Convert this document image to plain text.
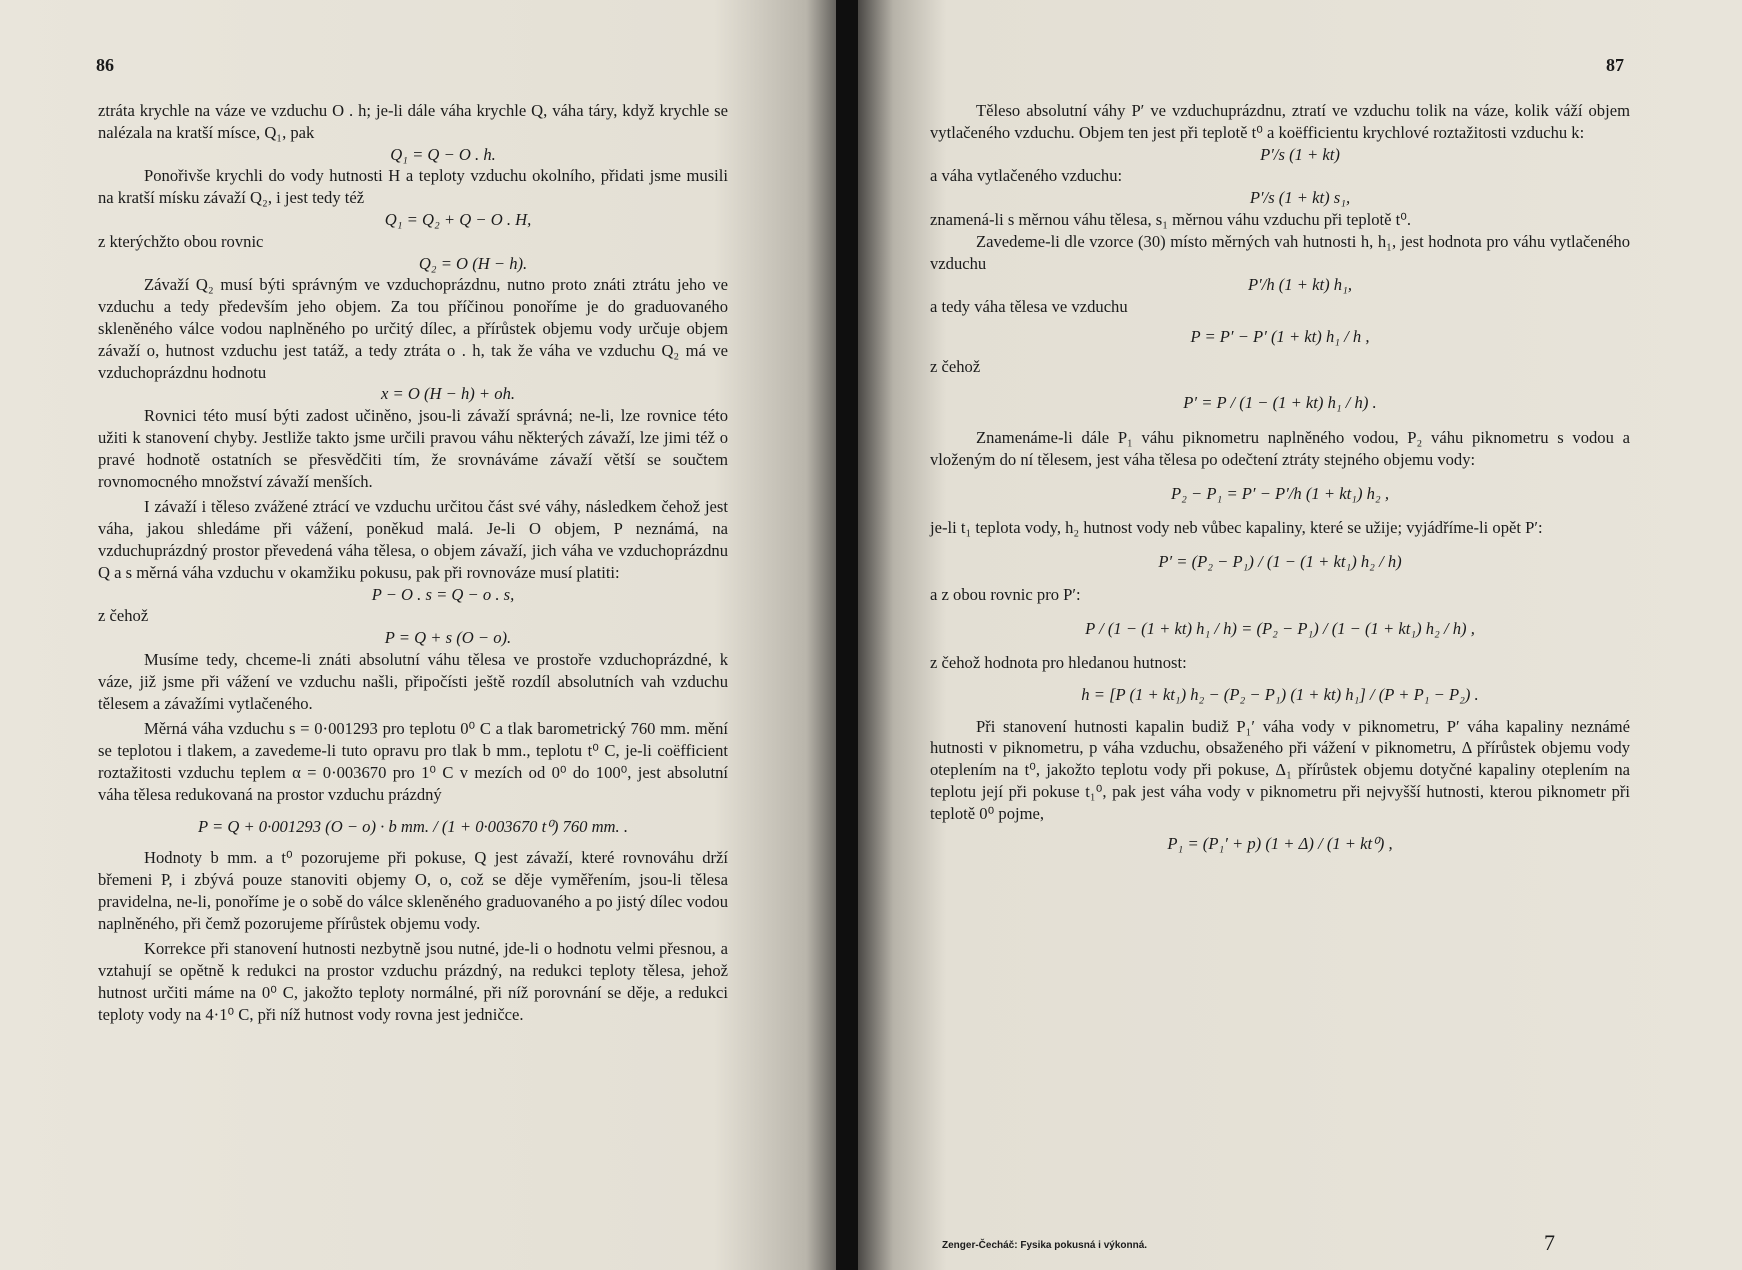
86

ztráta krychle na váze ve vzduchu O . h; je-li dále váha krychle Q, váha táry, když krychle se nalézala na kratší mísce, Q₁, pak

Q₁ = Q − O . h.

Ponořivše krychli do vody hutnosti H a teploty vzduchu okolního, přidati jsme musili na kratší mísku závaží Q₂, i jest tedy též

Q₁ = Q₂ + Q − O . H,

z kterýchžto obou rovnic

Q₂ = O (H − h).

Závaží Q₂ musí býti správným ve vzduchoprázdnu, nutno proto znáti ztrátu jeho ve vzduchu a tedy především jeho objem. Za tou příčinou ponoříme je do graduovaného skleněného válce vodou naplněného po určitý dílec, a přírůstek objemu vody určuje objem závaží o, hutnost vzduchu jest tatáž, a tedy ztráta o . h, tak že váha ve vzduchu Q₂ má ve vzduchoprázdnu hodnotu

x = O (H − h) + oh.

Rovnici této musí býti zadost učiněno, jsou-li závaží správná; ne-li, lze rovnice této užiti k stanovení chyby. Jestliže takto jsme určili pravou váhu některých závaží, lze jimi též o pravé hodnotě ostatních se přesvědčiti tím, že srovnáváme závaží větší se součtem rovnomocného množství závaží menších.

I závaží i těleso zvážené ztrácí ve vzduchu určitou část své váhy, následkem čehož jest váha, jakou shledáme při vážení, poněkud malá. Je-li O objem, P neznámá, na vzduchuprázdný prostor převedená váha tělesa, o objem závaží, jich váha ve vzduchoprázdnu Q a s měrná váha vzduchu v okamžiku pokusu, pak při rovnováze musí platiti:

P − O . s = Q − o . s,

z čehož

P = Q + s (O − o).

Musíme tedy, chceme-li znáti absolutní váhu tělesa ve prostoře vzduchoprázdné, k váze, již jsme při vážení ve vzduchu našli, připočísti ještě rozdíl absolutních vah vzduchu tělesem a závažími vytlačeného.

Měrná váha vzduchu s = 0·001293 pro teplotu 0⁰ C a tlak barometrický 760 mm. mění se teplotou i tlakem, a zavedeme-li tuto opravu pro tlak b mm., teplotu t⁰ C, je-li coëfficient roztažitosti vzduchu teplem α = 0·003670 pro 1⁰ C v mezích od 0⁰ do 100⁰, jest absolutní váha tělesa redukovaná na prostor vzduchu prázdný

P = Q + 0·001293 (O − o) · b mm. / (1 + 0·003670 t⁰) 760 mm. .

Hodnoty b mm. a t⁰ pozorujeme při pokuse, Q jest závaží, které rovnováhu drží břemeni P, i zbývá pouze stanoviti objemy O, o, což se děje vyměřením, jsou-li tělesa pravidelna, ne-li, ponoříme je o sobě do válce skleněného graduovaného a po jistý dílec vodou naplněného, při čemž pozorujeme přírůstek objemu vody.

Korrekce při stanovení hutnosti nezbytně jsou nutné, jde-li o hodnotu velmi přesnou, a vztahují se opětně k redukci na prostor vzduchu prázdný, na redukci teploty tělesa, jehož hutnost určiti máme na 0⁰ C, jakožto teploty normálné, při níž porovnání se děje, a redukci teploty vody na 4·1⁰ C, při níž hutnost vody rovna jest jedničce.

87

Těleso absolutní váhy P′ ve vzduchuprázdnu, ztratí ve vzduchu tolik na váze, kolik váží objem vytlačeného vzduchu. Objem ten jest při teplotě t⁰ a koëfficientu krychlové roztažitosti vzduchu k:

P′/s (1 + kt)

a váha vytlačeného vzduchu:

P′/s (1 + kt) s₁,

znamená-li s měrnou váhu tělesa, s₁ měrnou váhu vzduchu při teplotě t⁰.

Zavedeme-li dle vzorce (30) místo měrných vah hutnosti h, h₁, jest hodnota pro váhu vytlačeného vzduchu

P′/h (1 + kt) h₁,

a tedy váha tělesa ve vzduchu

P = P′ − P′ (1 + kt) h₁ / h ,

z čehož

P′ = P / (1 − (1 + kt) h₁ / h) .

Znamenáme-li dále P₁ váhu piknometru naplněného vodou, P₂ váhu piknometru s vodou a vloženým do ní tělesem, jest váha tělesa po odečtení ztráty stejného objemu vody:

P₂ − P₁ = P′ − P′/h (1 + kt₁) h₂ ,

je-li t₁ teplota vody, h₂ hutnost vody neb vůbec kapaliny, které se užije; vyjádříme-li opět P′:

P′ = (P₂ − P₁) / (1 − (1 + kt₁) h₂ / h)

a z obou rovnic pro P′:

P / (1 − (1 + kt) h₁ / h) = (P₂ − P₁) / (1 − (1 + kt₁) h₂ / h) ,

z čehož hodnota pro hledanou hutnost:

h = [P (1 + kt₁) h₂ − (P₂ − P₁) (1 + kt) h₁] / (P + P₁ − P₂) .

Při stanovení hutnosti kapalin budiž P₁′ váha vody v piknometru, P′ váha kapaliny neznámé hutnosti v piknometru, p váha vzduchu, obsaženého při vážení v piknometru, Δ přírůstek objemu vody oteplením na t⁰, jakožto teplotu vody při pokuse, Δ₁ přírůstek objemu dotyčné kapaliny oteplením na teplotu její při pokuse t₁⁰, pak jest váha vody v piknometru při nejvyšší hutnosti, kterou piknometr při teplotě 0⁰ pojme,

P₁ = (P₁′ + p) (1 + Δ) / (1 + kt⁰) ,

Zenger-Čecháč: Fysika pokusná i výkonná.	7
